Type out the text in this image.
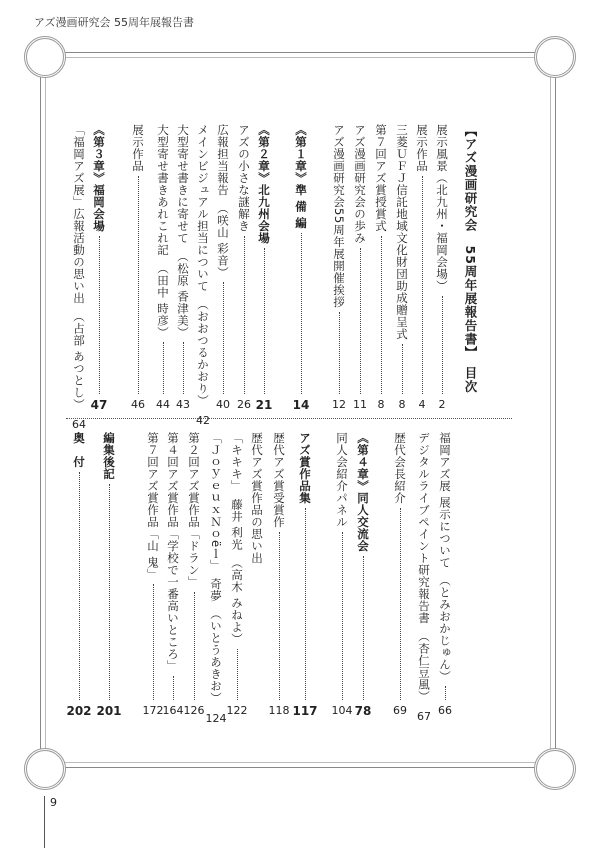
アズ漫画研究会 55周年展報告書
【アズ漫画研究会　55周年展報告書】　目次
展示風景（北九州・福岡会場）
2
展示作品
4
三菱ＵＦＪ信託地域文化財団助成贈呈式
8
第７回アズ賞授賞式
8
アズ漫画研究会の歩み
11
アズ漫画研究会55周年展開催挨拶
12
《第１章》準 備 編
14
《第２章》北九州会場
21
アズの小さな謎解き
26
広報担当報告　（咲山 彩音）
40
メインビジュアル担当について　（おおつるかおり）
42
大型寄せ書きに寄せて　（松原 香津美）
43
大型寄せ書きあれこれ記　（田中 時彦）
44
展示作品
46
《第３章》福岡会場
47
「福岡アズ展」広報活動の思い出　（占部 あつとし）
64
福岡アズ展 展示について　（とみおかじゅん）
66
デジタルライブペイント研究報告書　（杏仁豆風）
67
歴代会長紹介
69
《第４章》同人交流会
78
同人会紹介パネル
104
アズ賞作品集
117
歴代アズ賞受賞作
118
歴代アズ賞作品の思い出
「キキキ」　藤井 利光　（高木 みねよ）
122
「ＪｏｙｅｕｘＮｏëｌ」　奇夢　（いとうあきお）
124
第２回アズ賞作品「ドラン」
126
第４回アズ賞作品「学校で一番高いところ」
164
第７回アズ賞作品「山 鬼」
172
編集後記
201
奥　付
202
9
